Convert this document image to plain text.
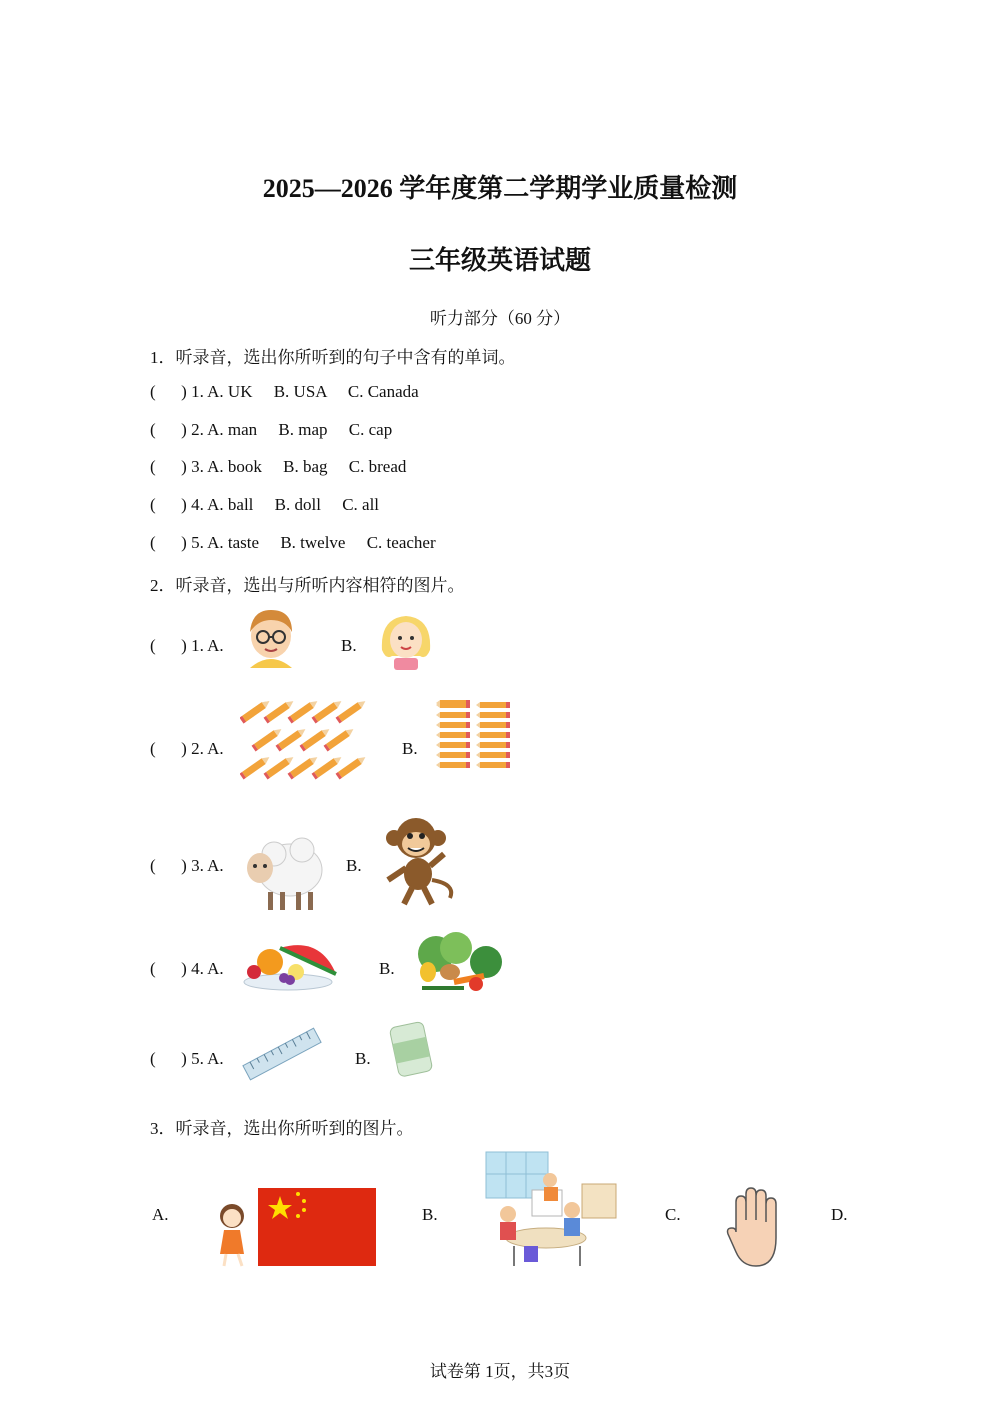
2025—2026 学年度第二学期学业质量检测
三年级英语试题
听力部分（60 分）
1．听录音，选出你所听到的句子中含有的单词。
(      ) 1. A. UK     B. USA     C. Canada
(      ) 2. A. man     B. map     C. cap
(      ) 3. A. book     B. bag     C. bread
(      ) 4. A. ball     B. doll     C. all
(      ) 5. A. taste     B. twelve     C. teacher
2．听录音，选出与所听内容相符的图片。
(      ) 1. A.	B.
(      ) 2. A.	B.
(      ) 3. A.	B.
(      ) 4. A.	B.
(      ) 5. A.	B.
3．听录音，选出你所听到的图片。
A.	B.	C.	D.
试卷第 1页，共3页
